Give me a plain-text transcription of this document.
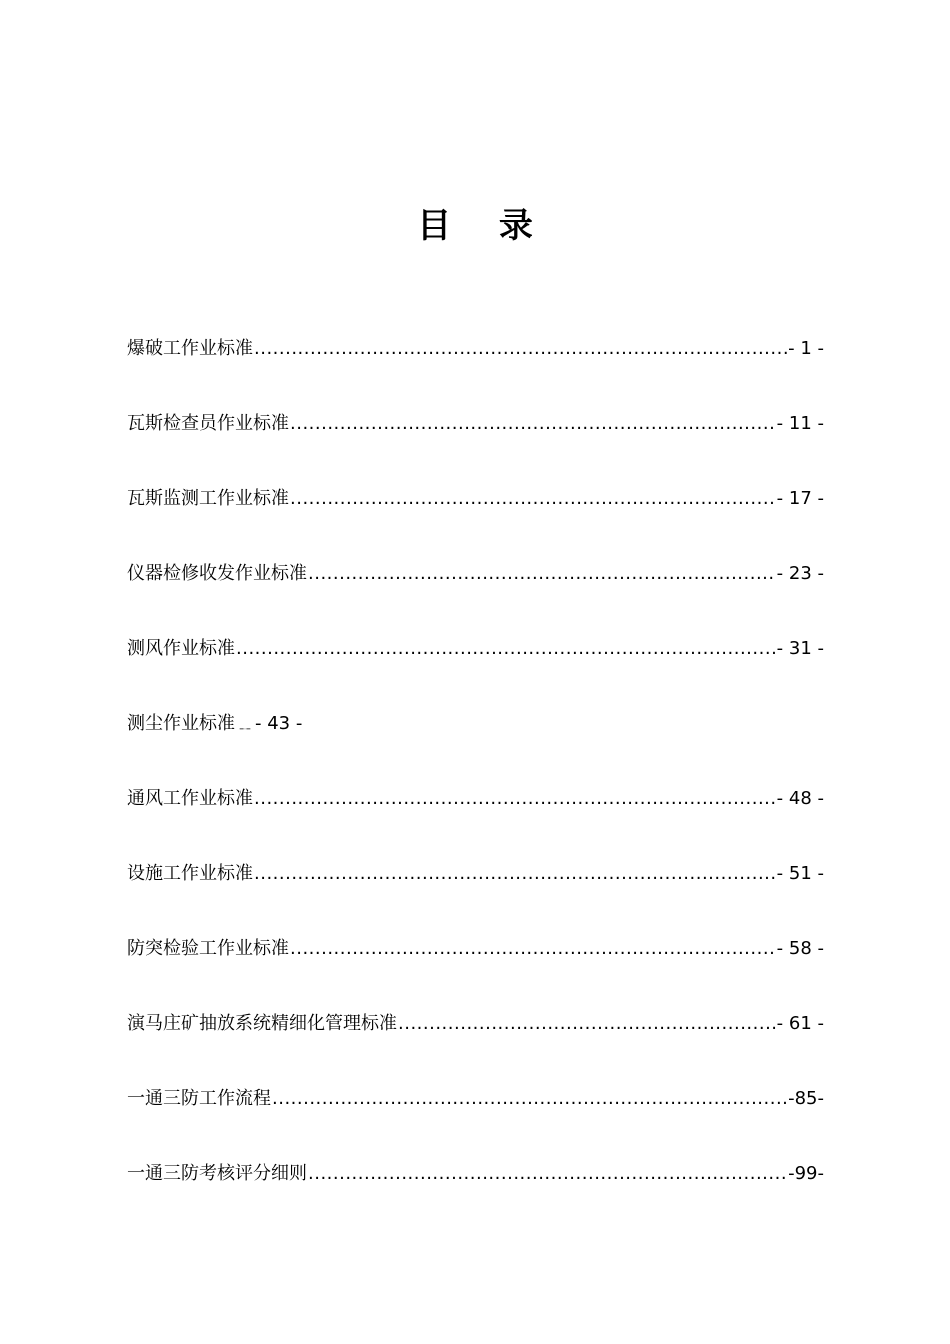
目 录
爆破工作业标准 .....	- 1 -
瓦斯检查员作业标准 .....	- 11 -
瓦斯监测工作业标准 .....	- 17 -
仪器检修收发作业标准 .....	- 23 -
测风作业标准 .....	- 31 -
测尘作业标准 ﹎ - 43 -
通风工作业标准 .....	- 48 -
设施工作业标准 .....	- 51 -
防突检验工作业标准 .....	- 58 -
演马庄矿抽放系统精细化管理标准 .....	- 61 -
一通三防工作流程 .....	-85-
一通三防考核评分细则 .....	-99-
